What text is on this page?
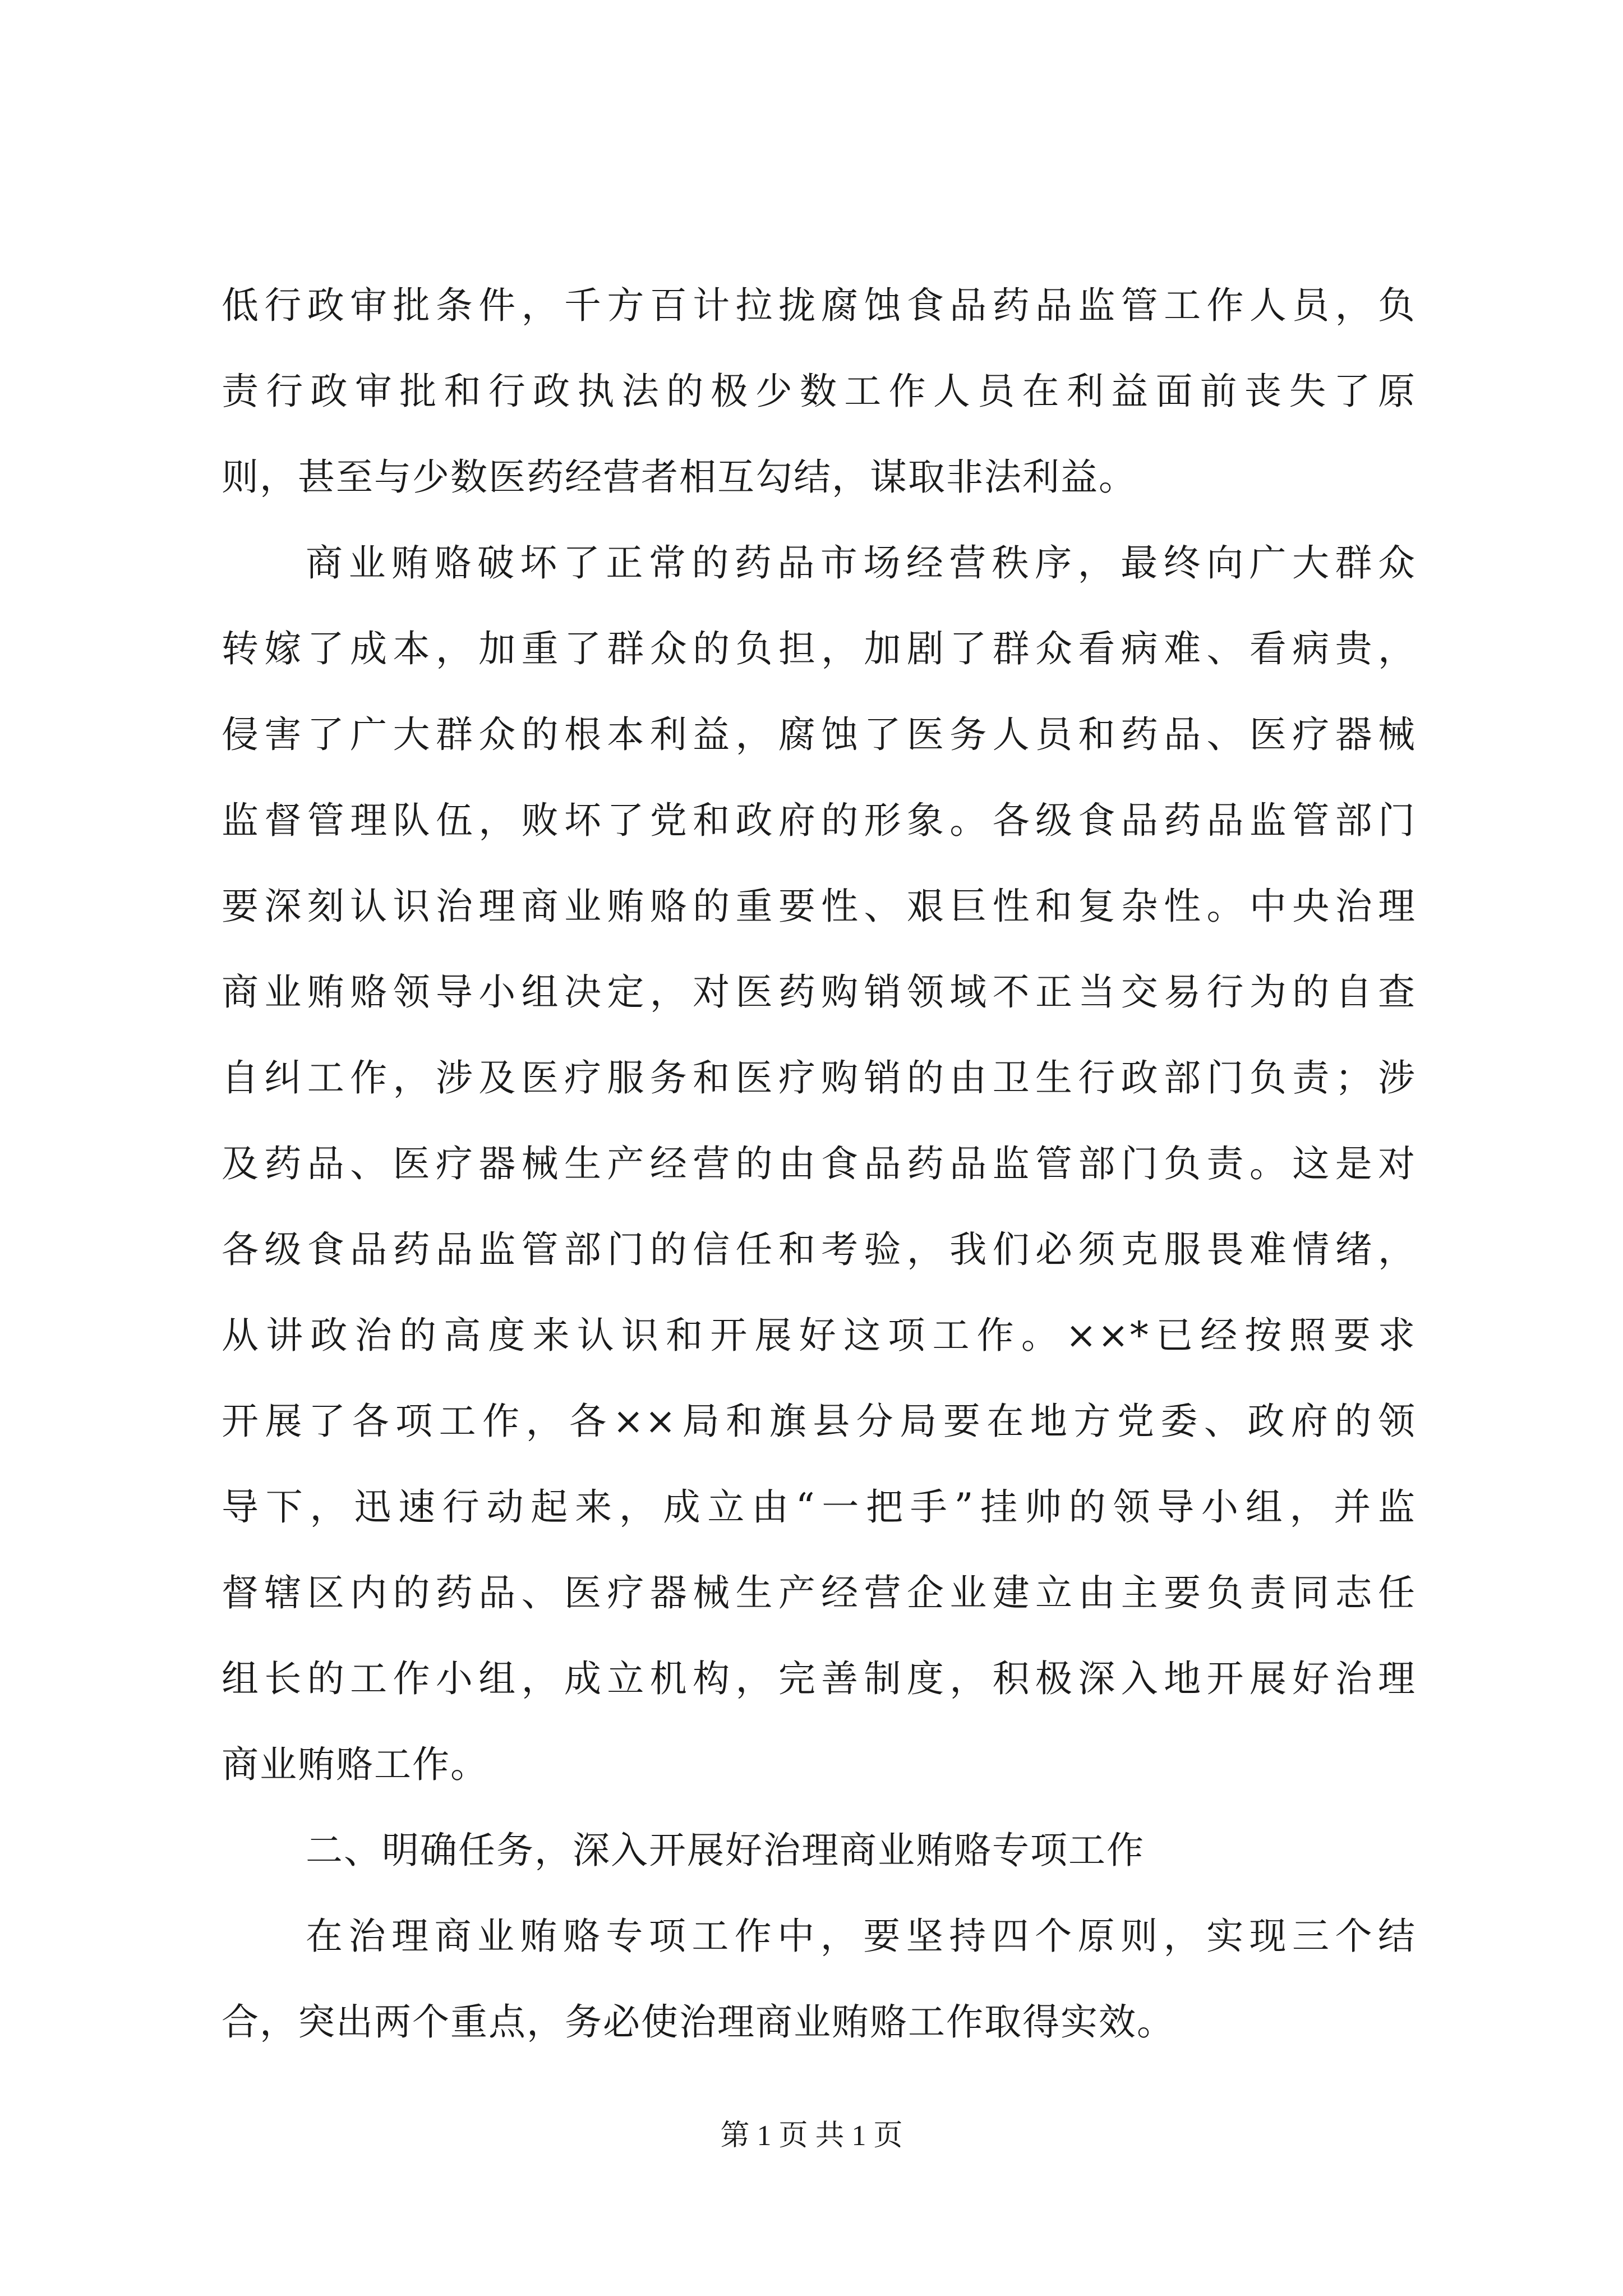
低行政审批条件，千方百计拉拢腐蚀食品药品监管工作人员，负
责行政审批和行政执法的极少数工作人员在利益面前丧失了原
则，甚至与少数医药经营者相互勾结，谋取非法利益。
商业贿赂破坏了正常的药品市场经营秩序，最终向广大群众
转嫁了成本，加重了群众的负担，加剧了群众看病难、看病贵，
侵害了广大群众的根本利益，腐蚀了医务人员和药品、医疗器械
监督管理队伍，败坏了党和政府的形象。各级食品药品监管部门
要深刻认识治理商业贿赂的重要性、艰巨性和复杂性。中央治理
商业贿赂领导小组决定，对医药购销领域不正当交易行为的自查
自纠工作，涉及医疗服务和医疗购销的由卫生行政部门负责；涉
及药品、医疗器械生产经营的由食品药品监管部门负责。这是对
各级食品药品监管部门的信任和考验，我们必须克服畏难情绪，
从讲政治的高度来认识和开展好这项工作。××*已经按照要求
开展了各项工作，各××局和旗县分局要在地方党委、政府的领
导下，迅速行动起来，成立由“一把手”挂帅的领导小组，并监
督辖区内的药品、医疗器械生产经营企业建立由主要负责同志任
组长的工作小组，成立机构，完善制度，积极深入地开展好治理
商业贿赂工作。
二、明确任务，深入开展好治理商业贿赂专项工作
在治理商业贿赂专项工作中，要坚持四个原则，实现三个结
合，突出两个重点，务必使治理商业贿赂工作取得实效。
第 1 页 共 1 页
